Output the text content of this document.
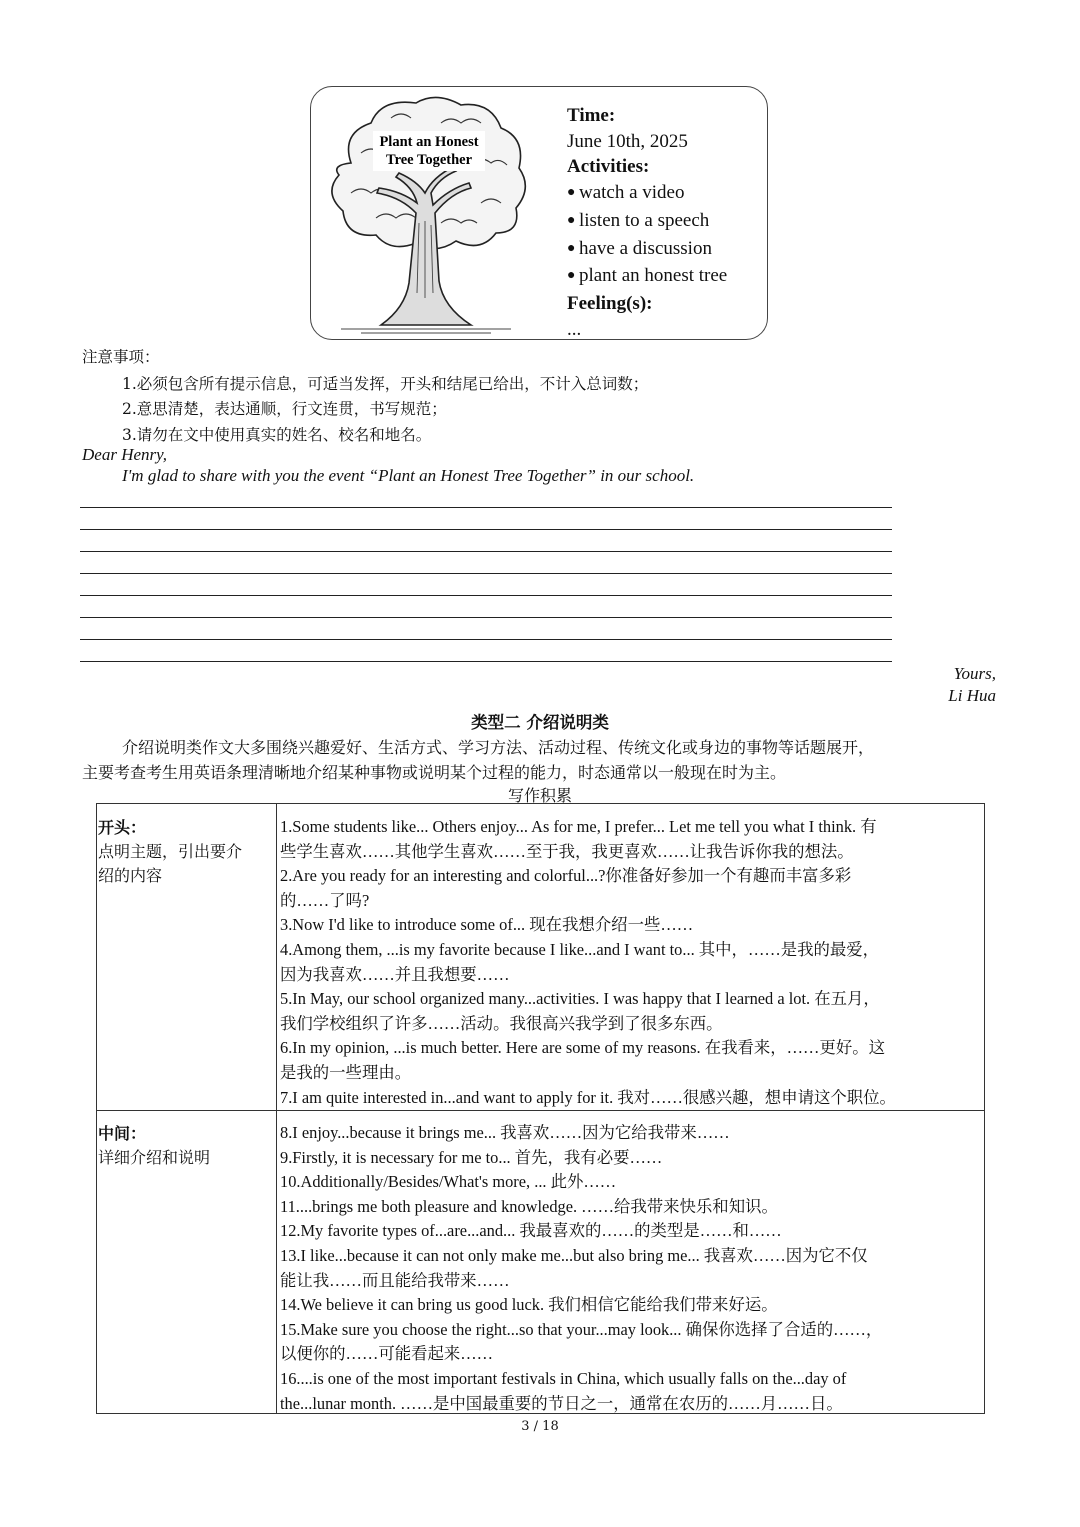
Plant an Honest
Tree Together
Time:
June 10th, 2025
Activities:
● watch a video
● listen to a speech
● have a discussion
● plant an honest tree
Feeling(s):
...
注意事项：
1.必须包含所有提示信息，可适当发挥，开头和结尾已给出，不计入总词数；
2.意思清楚，表达通顺，行文连贯，书写规范；
3.请勿在文中使用真实的姓名、校名和地名。
Dear Henry,
I'm glad to share with you the event “Plant an Honest Tree Together” in our school.
Yours,
Li Hua
类型二 介绍说明类
介绍说明类作文大多围绕兴趣爱好、生活方式、学习方法、活动过程、传统文化或身边的事物等话题展开，
主要考查考生用英语条理清晰地介绍某种事物或说明某个过程的能力，时态通常以一般现在时为主。
写作积累
开头：
点明主题，引出要介
绍的内容
1.Some students like... Others enjoy... As for me, I prefer... Let me tell you what I think. 有
些学生喜欢……其他学生喜欢……至于我，我更喜欢……让我告诉你我的想法。
2.Are you ready for an interesting and colorful...?你准备好参加一个有趣而丰富多彩
的……了吗?
3.Now I'd like to introduce some of... 现在我想介绍一些……
4.Among them, ...is my favorite because I like...and I want to... 其中，……是我的最爱，
因为我喜欢……并且我想要……
5.In May, our school organized many...activities. I was happy that I learned a lot. 在五月，
我们学校组织了许多……活动。我很高兴我学到了很多东西。
6.In my opinion, ...is much better. Here are some of my reasons. 在我看来，……更好。这
是我的一些理由。
7.I am quite interested in...and want to apply for it. 我对……很感兴趣，想申请这个职位。
中间：
详细介绍和说明
8.I enjoy...because it brings me... 我喜欢……因为它给我带来……
9.Firstly, it is necessary for me to... 首先，我有必要……
10.Additionally/Besides/What's more, ... 此外……
11....brings me both pleasure and knowledge. ……给我带来快乐和知识。
12.My favorite types of...are...and... 我最喜欢的……的类型是……和……
13.I like...because it can not only make me...but also bring me... 我喜欢……因为它不仅
能让我……而且能给我带来……
14.We believe it can bring us good luck. 我们相信它能给我们带来好运。
15.Make sure you choose the right...so that your...may look... 确保你选择了合适的……，
以便你的……可能看起来……
16....is one of the most important festivals in China, which usually falls on the...day of
the...lunar month. ……是中国最重要的节日之一，通常在农历的……月……日。
3 / 18
